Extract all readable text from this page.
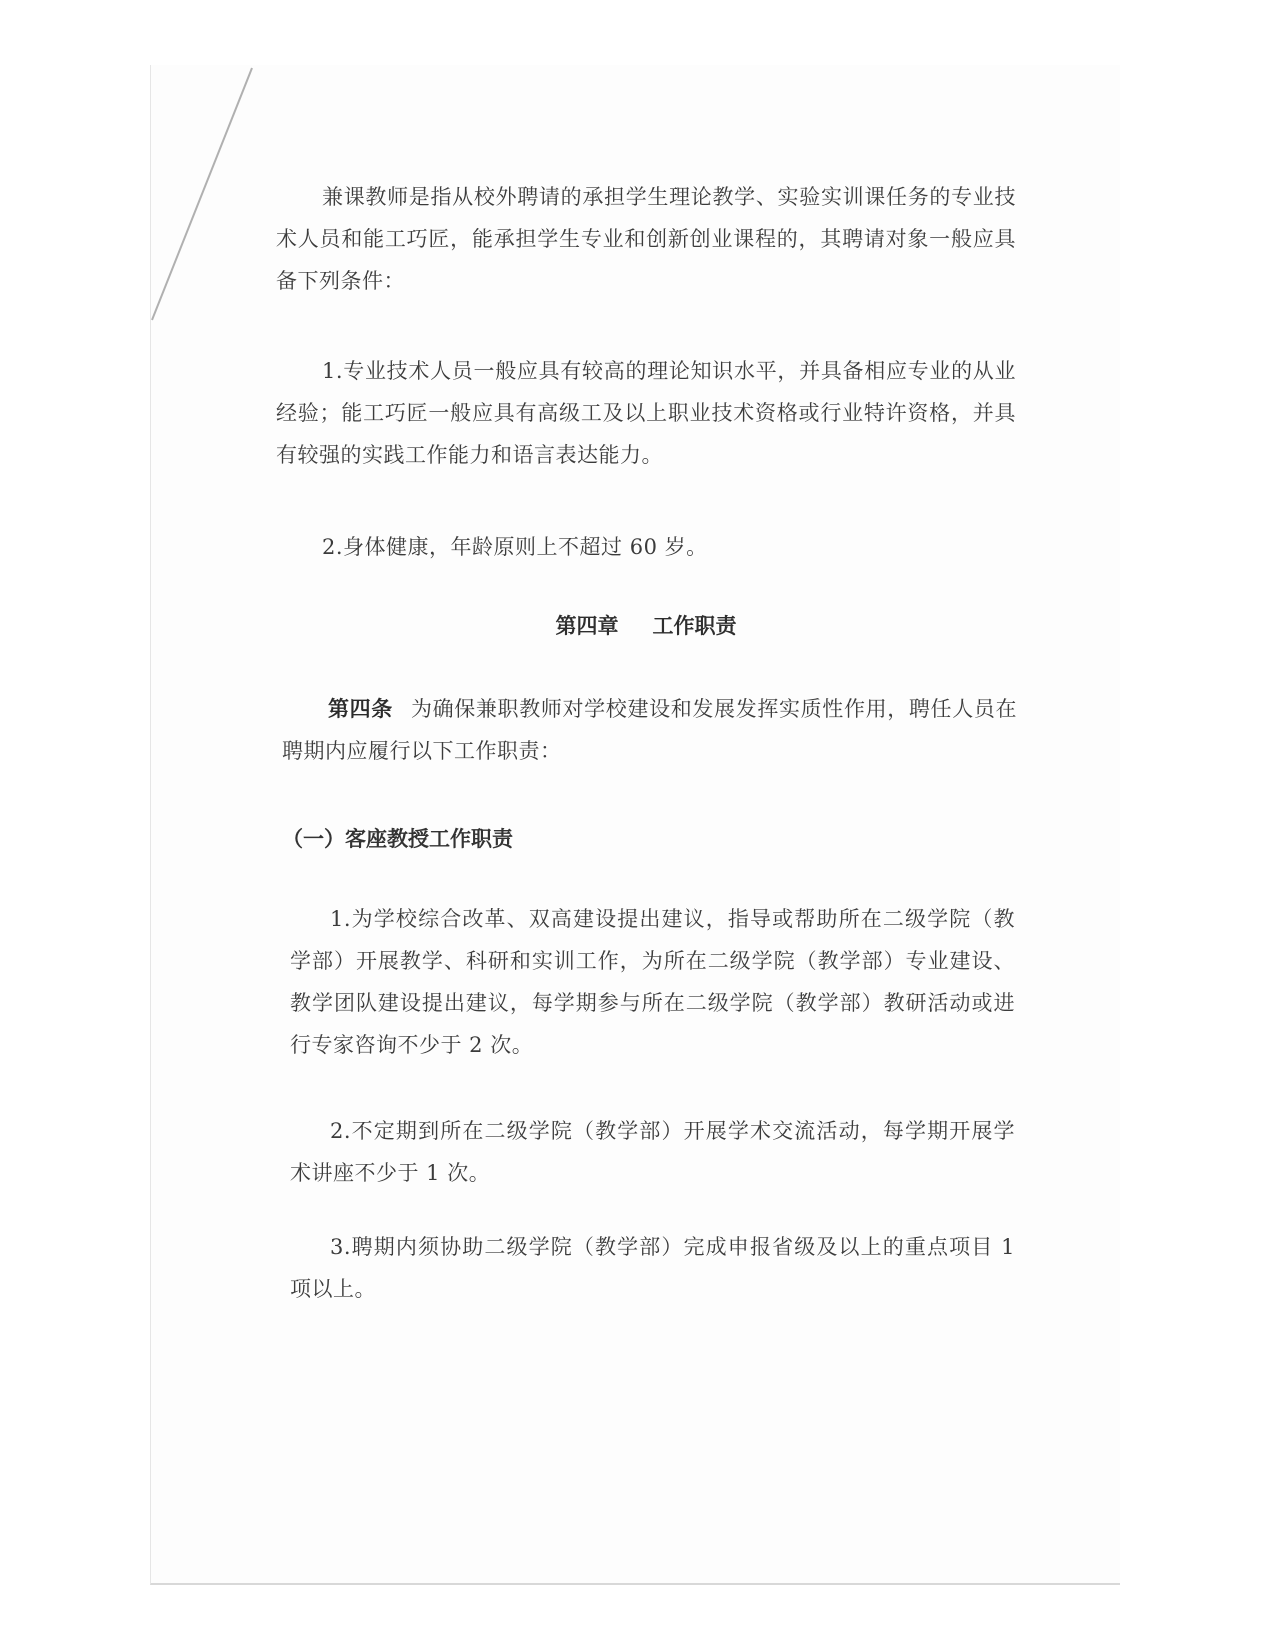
兼课教师是指从校外聘请的承担学生理论教学、实验实训课任务的专业技术人员和能工巧匠，能承担学生专业和创新创业课程的，其聘请对象一般应具备下列条件：

1.专业技术人员一般应具有较高的理论知识水平，并具备相应专业的从业经验；能工巧匠一般应具有高级工及以上职业技术资格或行业特许资格，并具有较强的实践工作能力和语言表达能力。

2.身体健康，年龄原则上不超过 60 岁。

第四章 工作职责

第四条 为确保兼职教师对学校建设和发展发挥实质性作用，聘任人员在聘期内应履行以下工作职责：

（一）客座教授工作职责

1.为学校综合改革、双高建设提出建议，指导或帮助所在二级学院（教学部）开展教学、科研和实训工作，为所在二级学院（教学部）专业建设、教学团队建设提出建议，每学期参与所在二级学院（教学部）教研活动或进行专家咨询不少于 2 次。

2.不定期到所在二级学院（教学部）开展学术交流活动，每学期开展学术讲座不少于 1 次。

3.聘期内须协助二级学院（教学部）完成申报省级及以上的重点项目 1 项以上。
